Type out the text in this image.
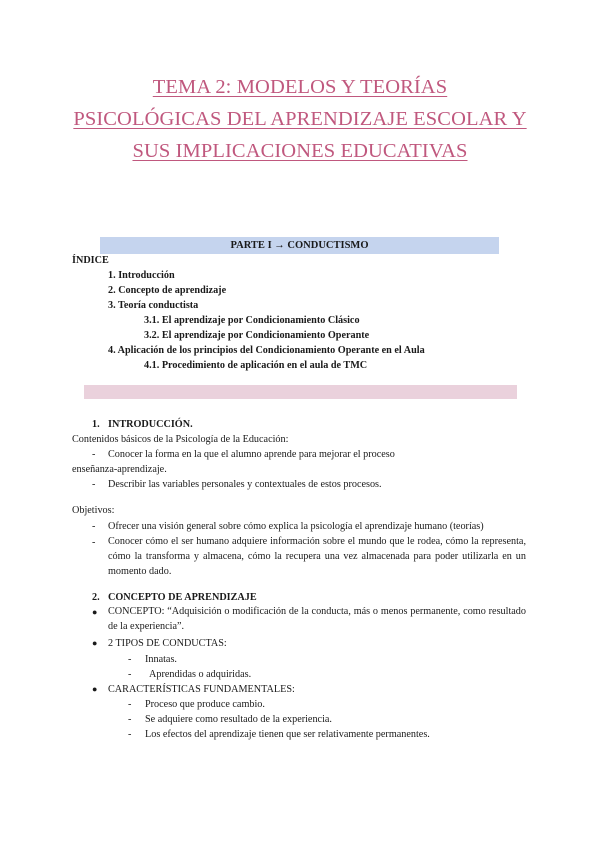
TEMA 2: MODELOS Y TEORÍAS
PSICOLÓGICAS DEL APRENDIZAJE ESCOLAR Y
SUS IMPLICACIONES EDUCATIVAS
PARTE I → CONDUCTISMO
ÍNDICE
1. Introducción
2. Concepto de aprendizaje
3. Teoría conductista
3.1. El aprendizaje por Condicionamiento Clásico
3.2. El aprendizaje por Condicionamiento Operante
4. Aplicación de los principios del Condicionamiento Operante en el Aula
4.1. Procedimiento de aplicación en el aula de TMC
1. INTRODUCCIÓN.
Contenidos básicos de la Psicología de la Educación:
- Conocer la forma en la que el alumno aprende para mejorar el proceso
enseñanza-aprendizaje.
- Describir las variables personales y contextuales de estos procesos.
Objetivos:
- Ofrecer una visión general sobre cómo explica la psicología el aprendizaje humano (teorías)
- Conocer cómo el ser humano adquiere información sobre el mundo que le rodea, cómo la representa, cómo la transforma y almacena, cómo la recupera una vez almacenada para poder utilizarla en un momento dado.
2. CONCEPTO DE APRENDIZAJE
● CONCEPTO: “Adquisición o modificación de la conducta, más o menos permanente, como resultado de la experiencia”.
● 2 TIPOS DE CONDUCTAS:
- Innatas.
- Aprendidas o adquiridas.
● CARACTERÍSTICAS FUNDAMENTALES:
- Proceso que produce cambio.
- Se adquiere como resultado de la experiencia.
- Los efectos del aprendizaje tienen que ser relativamente permanentes.
